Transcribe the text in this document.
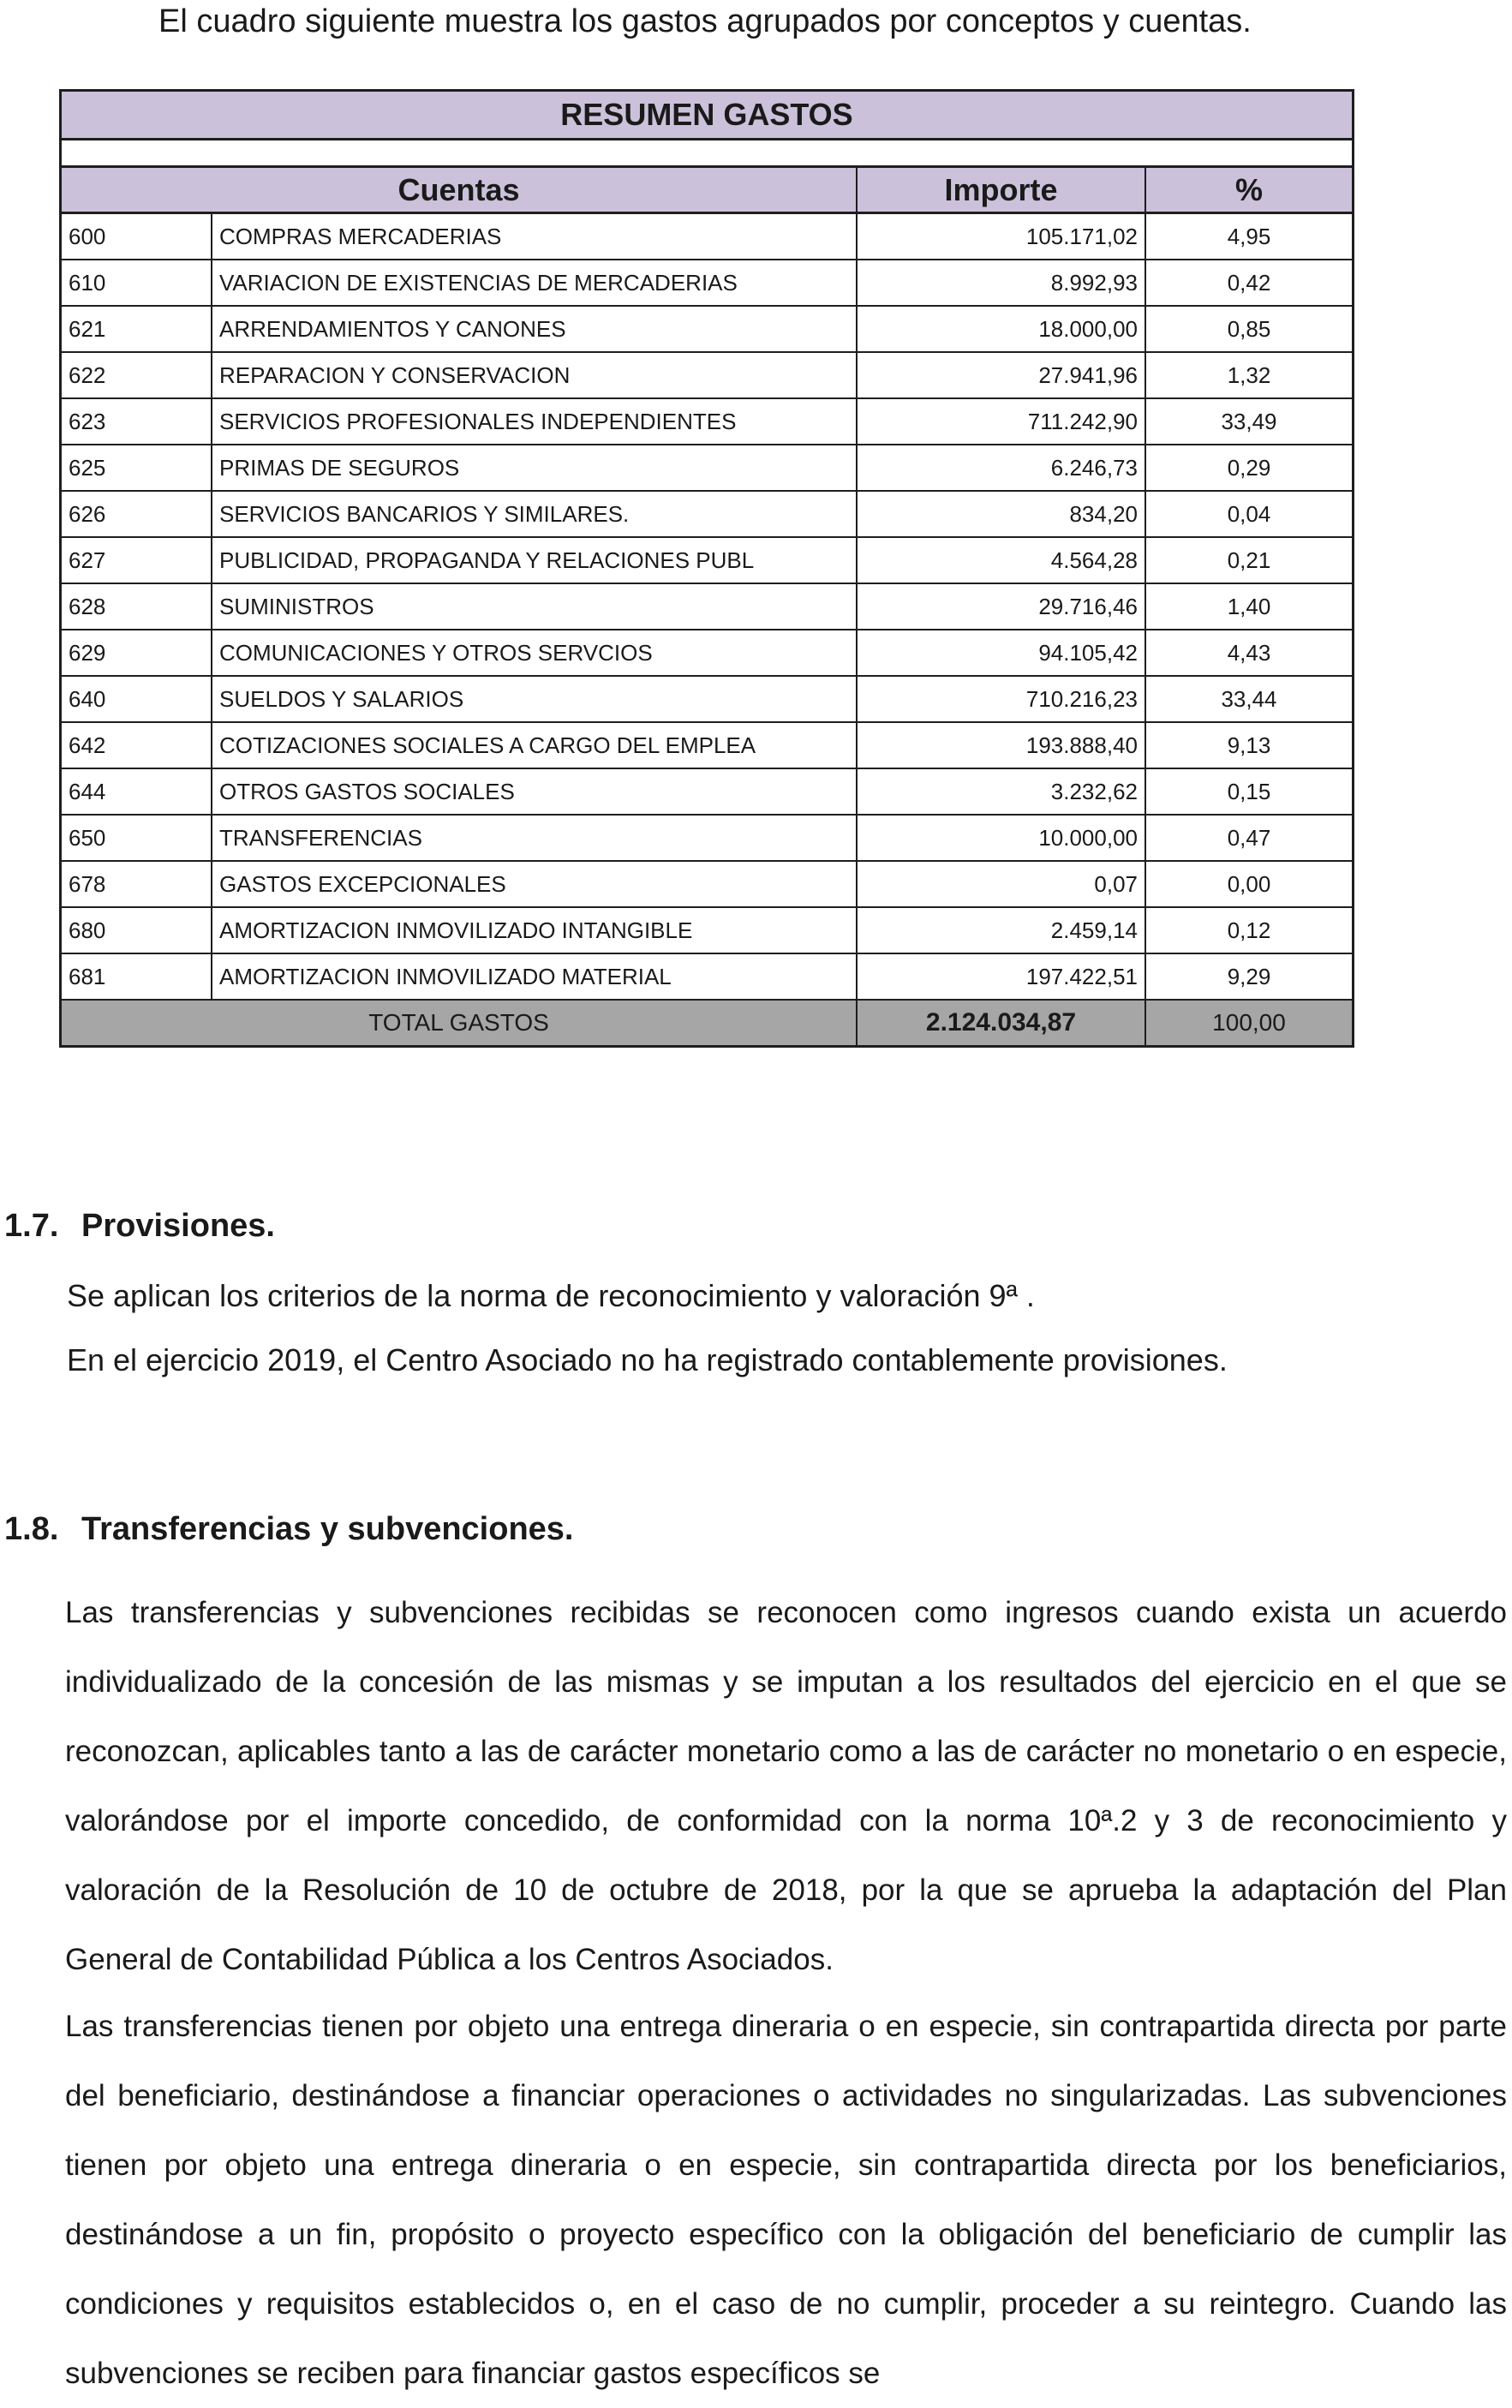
El cuadro siguiente muestra los gastos agrupados por conceptos y cuentas.
RESUMEN GASTOS
Cuentas		Importe	%
600	COMPRAS MERCADERIAS	105.171,02	4,95
610	VARIACION DE EXISTENCIAS DE MERCADERIAS	8.992,93	0,42
621	ARRENDAMIENTOS Y CANONES	18.000,00	0,85
622	REPARACION Y CONSERVACION	27.941,96	1,32
623	SERVICIOS PROFESIONALES INDEPENDIENTES	711.242,90	33,49
625	PRIMAS DE SEGUROS	6.246,73	0,29
626	SERVICIOS BANCARIOS Y SIMILARES.	834,20	0,04
627	PUBLICIDAD, PROPAGANDA Y RELACIONES PUBL	4.564,28	0,21
628	SUMINISTROS	29.716,46	1,40
629	COMUNICACIONES Y OTROS SERVCIOS	94.105,42	4,43
640	SUELDOS Y SALARIOS	710.216,23	33,44
642	COTIZACIONES SOCIALES A CARGO DEL EMPLEA	193.888,40	9,13
644	OTROS GASTOS SOCIALES	3.232,62	0,15
650	TRANSFERENCIAS	10.000,00	0,47
678	GASTOS EXCEPCIONALES	0,07	0,00
680	AMORTIZACION INMOVILIZADO INTANGIBLE	2.459,14	0,12
681	AMORTIZACION INMOVILIZADO MATERIAL	197.422,51	9,29
TOTAL GASTOS		2.124.034,87	100,00
1.7. Provisiones.
Se aplican los criterios de la norma de reconocimiento y valoración 9ª .
En el ejercicio 2019, el Centro Asociado no ha registrado contablemente provisiones.
1.8. Transferencias y subvenciones.
Las transferencias y subvenciones recibidas se reconocen como ingresos cuando exista un acuerdo individualizado de la concesión de las mismas y se imputan a los resultados del ejercicio en el que se reconozcan, aplicables tanto a las de carácter monetario como a las de carácter no monetario o en especie, valorándose por el importe concedido, de conformidad con la norma 10ª.2 y 3 de reconocimiento y valoración de la Resolución de 10 de octubre de 2018, por la que se aprueba la adaptación del Plan General de Contabilidad Pública a los Centros Asociados.
Las transferencias tienen por objeto una entrega dineraria o en especie, sin contrapartida directa por parte del beneficiario, destinándose a financiar operaciones o actividades no singularizadas. Las subvenciones tienen por objeto una entrega dineraria o en especie, sin contrapartida directa por los beneficiarios, destinándose a un fin, propósito o proyecto específico con la obligación del beneficiario de cumplir las condiciones y requisitos establecidos o, en el caso de no cumplir, proceder a su reintegro. Cuando las subvenciones se reciben para financiar gastos específicos se
